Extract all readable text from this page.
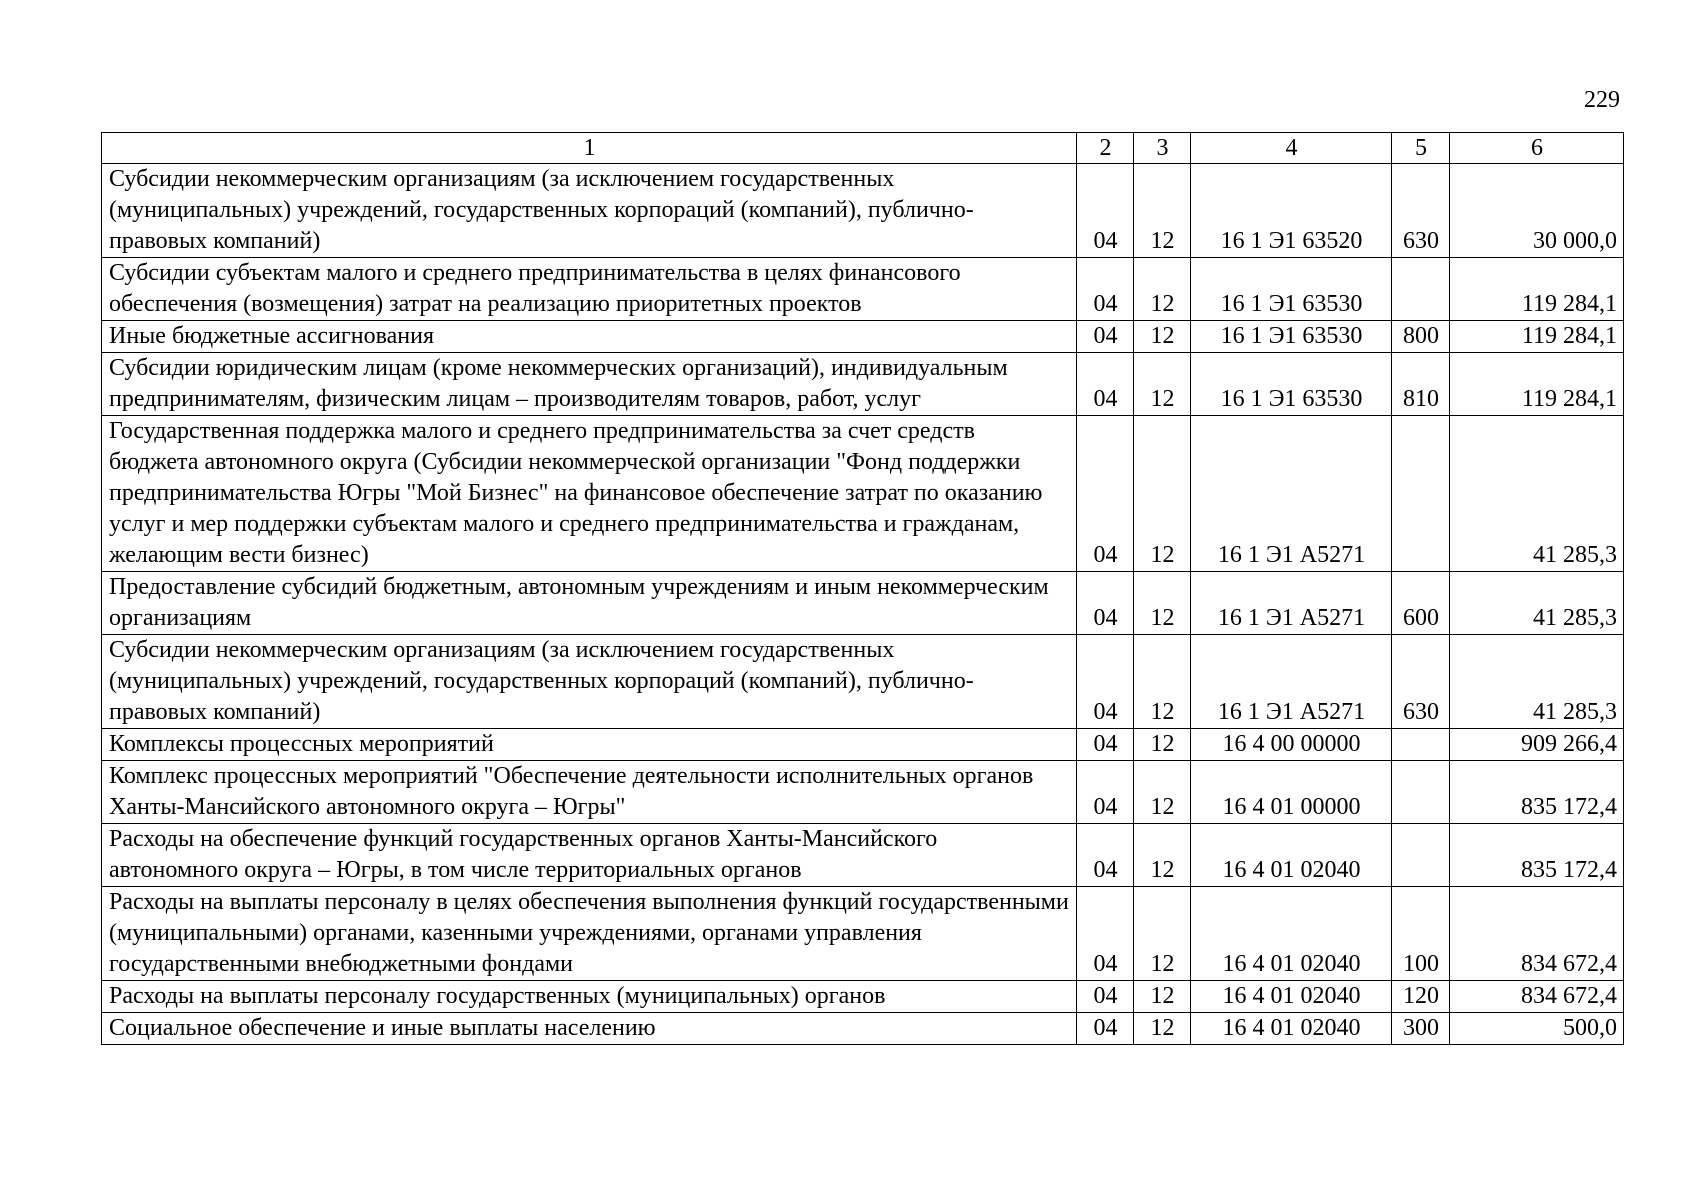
229
1	2	3	4	5	6
Субсидии некоммерческим организациям (за исключением государственных (муниципальных) учреждений, государственных корпораций (компаний), публично-правовых компаний)	04	12	16 1 Э1 63520	630	30 000,0
Субсидии субъектам малого и среднего предпринимательства в целях финансового обеспечения (возмещения) затрат на реализацию приоритетных проектов	04	12	16 1 Э1 63530		119 284,1
Иные бюджетные ассигнования	04	12	16 1 Э1 63530	800	119 284,1
Субсидии юридическим лицам (кроме некоммерческих организаций), индивидуальным предпринимателям, физическим лицам – производителям товаров, работ, услуг	04	12	16 1 Э1 63530	810	119 284,1
Государственная поддержка малого и среднего предпринимательства за счет средств бюджета автономного округа (Субсидии некоммерческой организации "Фонд поддержки предпринимательства Югры "Мой Бизнес" на финансовое обеспечение затрат по оказанию услуг и мер поддержки субъектам малого и среднего предпринимательства и гражданам, желающим вести бизнес)	04	12	16 1 Э1 А5271		41 285,3
Предоставление субсидий бюджетным, автономным учреждениям и иным некоммерческим организациям	04	12	16 1 Э1 А5271	600	41 285,3
Субсидии некоммерческим организациям (за исключением государственных (муниципальных) учреждений, государственных корпораций (компаний), публично-правовых компаний)	04	12	16 1 Э1 А5271	630	41 285,3
Комплексы процессных мероприятий	04	12	16 4 00 00000		909 266,4
Комплекс процессных мероприятий "Обеспечение деятельности исполнительных органов Ханты-Мансийского автономного округа – Югры"	04	12	16 4 01 00000		835 172,4
Расходы на обеспечение функций государственных органов Ханты-Мансийского автономного округа – Югры, в том числе территориальных органов	04	12	16 4 01 02040		835 172,4
Расходы на выплаты персоналу в целях обеспечения выполнения функций государственными (муниципальными) органами, казенными учреждениями, органами управления государственными внебюджетными фондами	04	12	16 4 01 02040	100	834 672,4
Расходы на выплаты персоналу государственных (муниципальных) органов	04	12	16 4 01 02040	120	834 672,4
Социальное обеспечение и иные выплаты населению	04	12	16 4 01 02040	300	500,0
